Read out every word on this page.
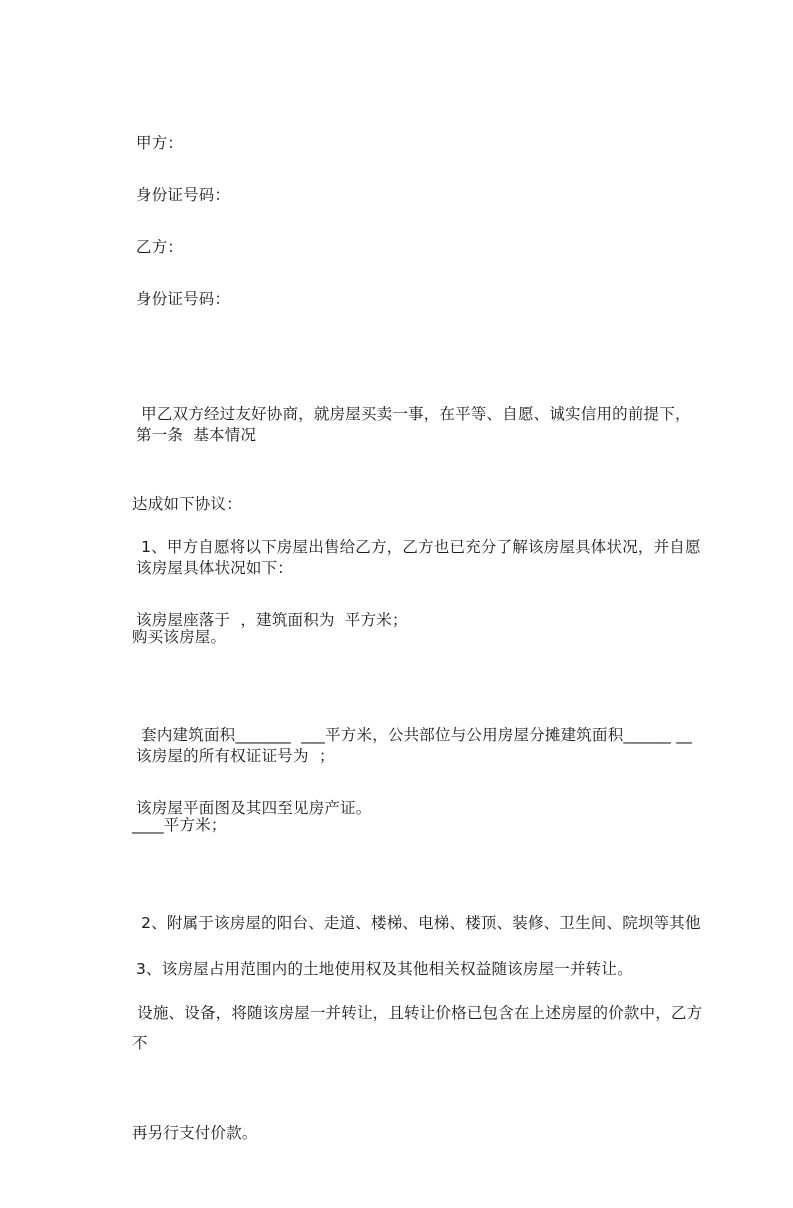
甲方：

身份证号码：

乙方：

身份证号码：

甲乙双方经过友好协商，就房屋买卖一事，在平等、自愿、诚实信用的前提下，

达成如下协议：

第一条  基本情况

1、甲方自愿将以下房屋出售给乙方，乙方也已充分了解该房屋具体状况，并自愿

购买该房屋。

该房屋具体状况如下：

该房屋座落于  ，建筑面积为  平方米；

套内建筑面积_______  ___平方米，公共部位与公用房屋分摊建筑面积______ __

____平方米；

该房屋的所有权证证号为  ；

该房屋平面图及其四至见房产证。

2、附属于该房屋的阳台、走道、楼梯、电梯、楼顶、装修、卫生间、院坝等其他

设施、设备，将随该房屋一并转让，且转让价格已包含在上述房屋的价款中，乙方不

再另行支付价款。

3、该房屋占用范围内的土地使用权及其他相关权益随该房屋一并转让。
